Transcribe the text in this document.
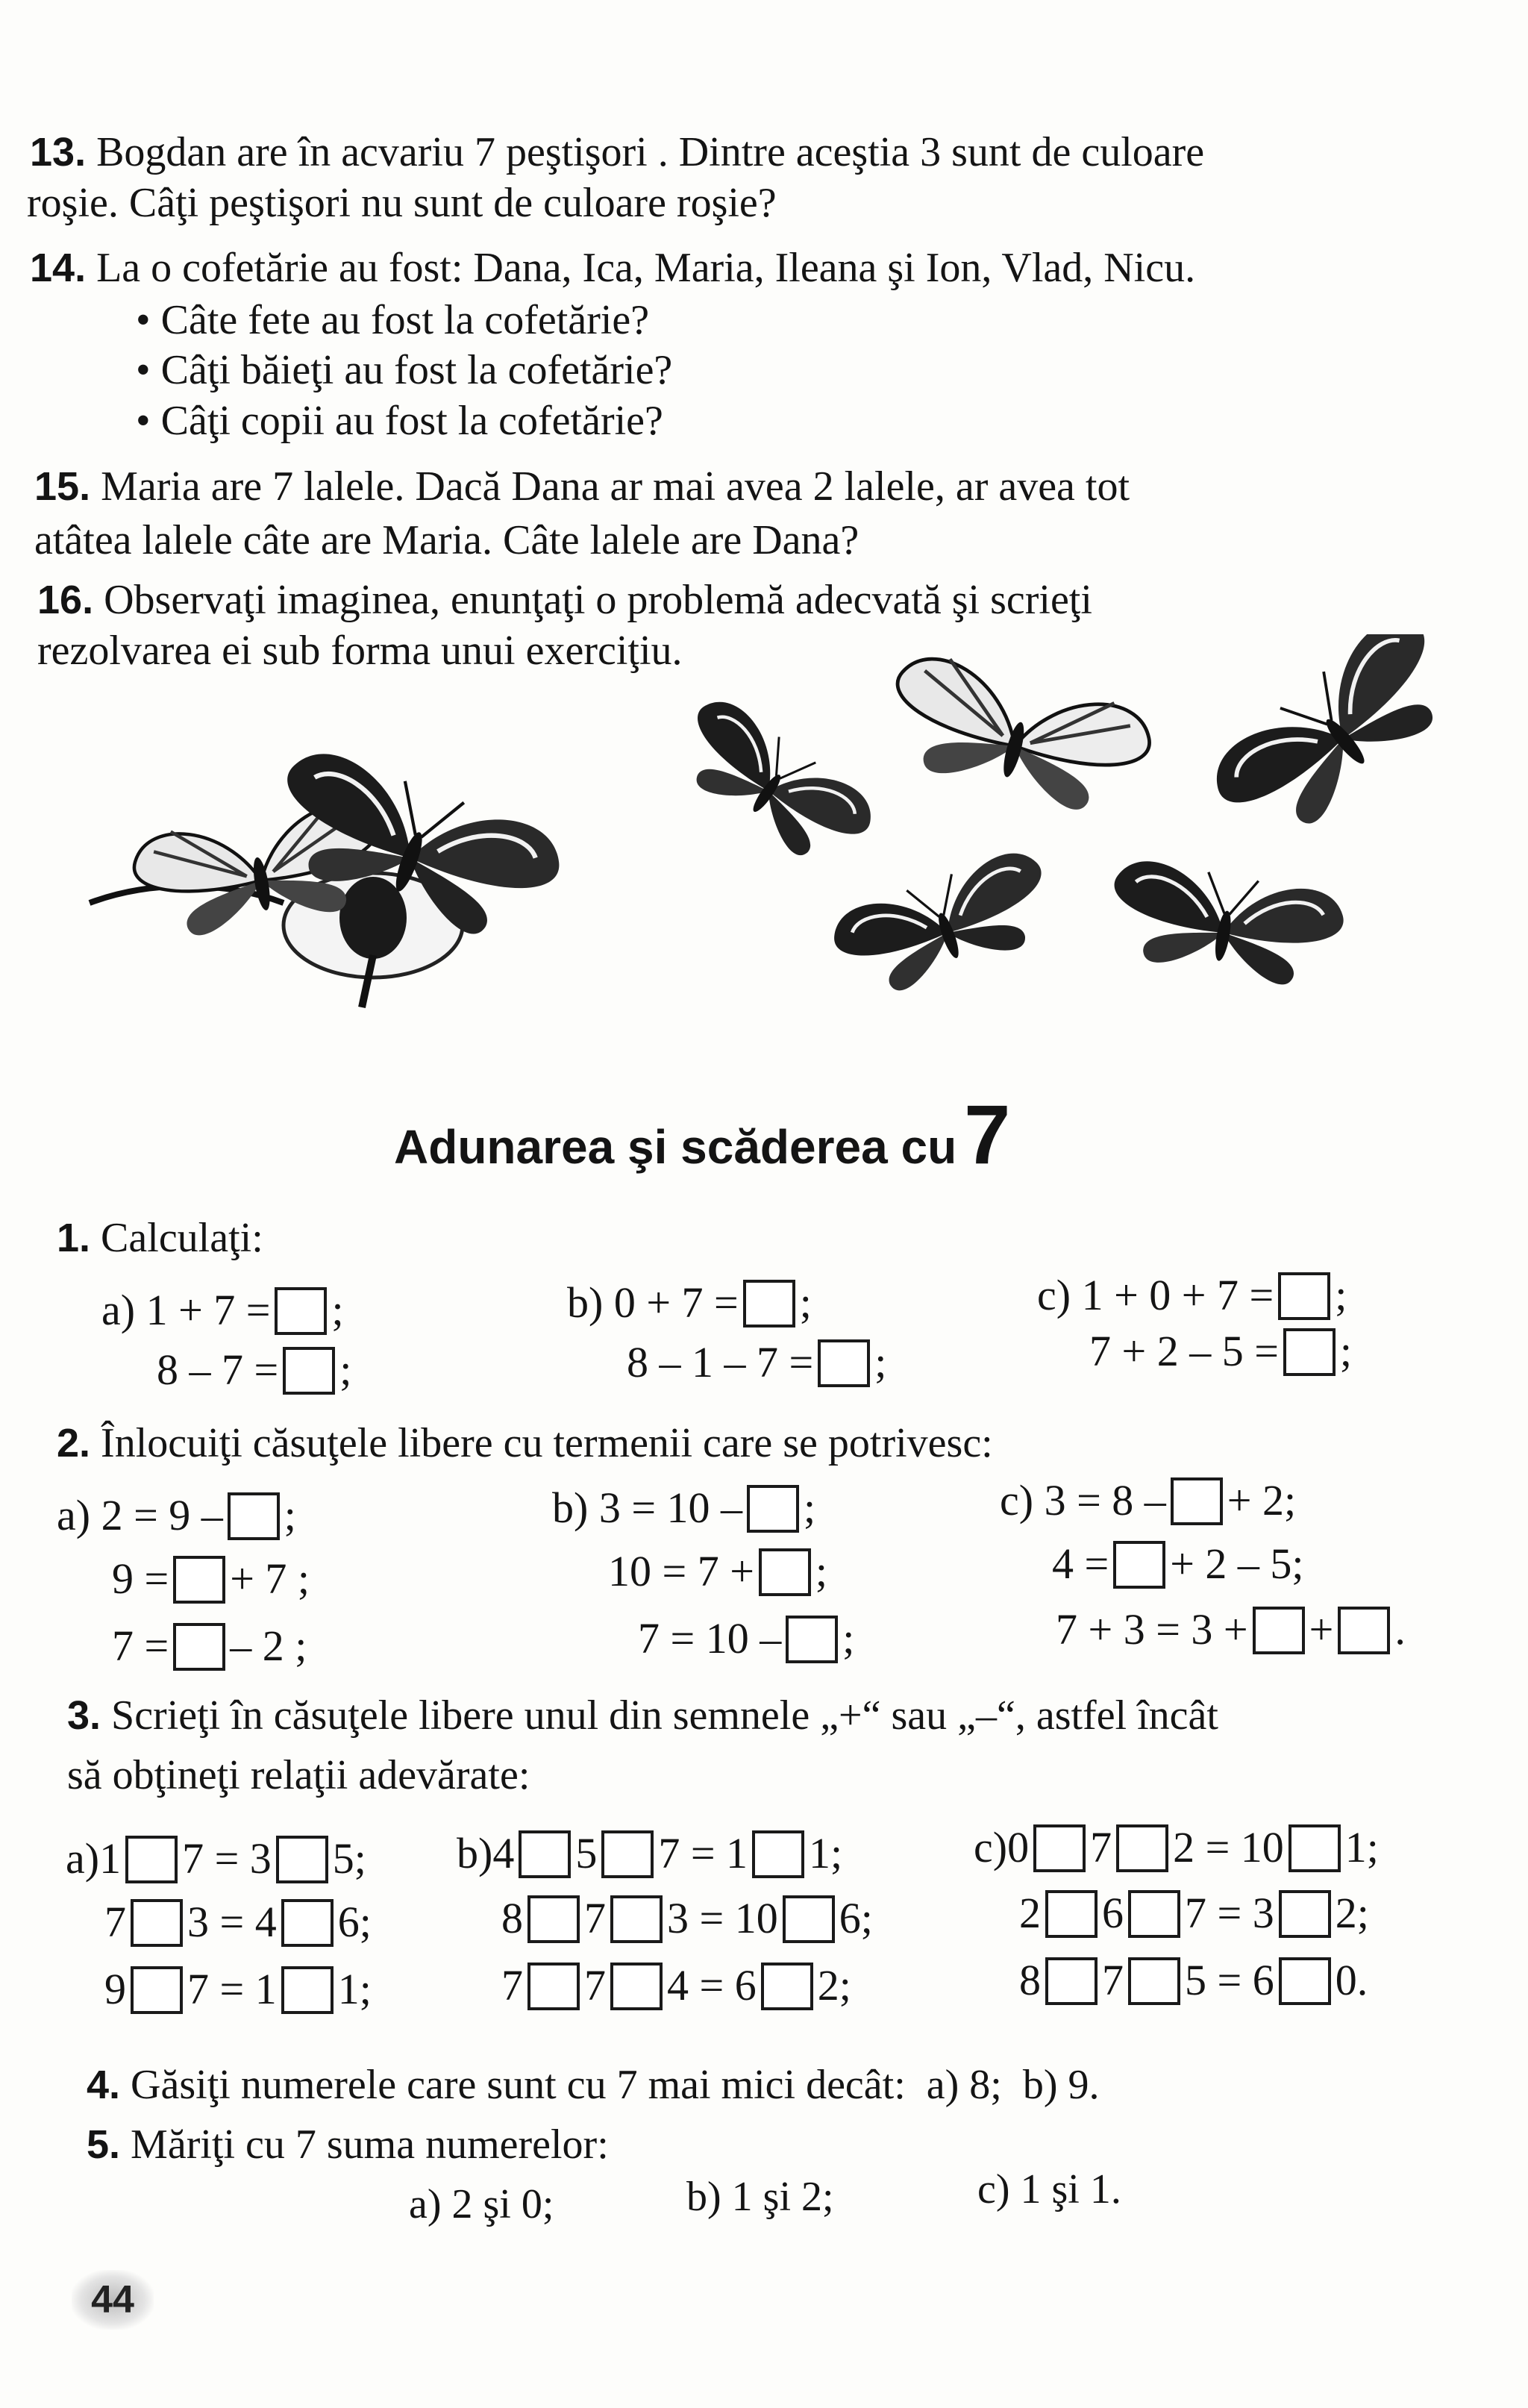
13. Bogdan are în acvariu 7 peştişori . Dintre aceştia 3 sunt de culoare
roşie. Câţi peştişori nu sunt de culoare roşie?
14. La o cofetărie au fost: Dana, Ica, Maria, Ileana şi Ion, Vlad, Nicu.
• Câte fete au fost la cofetărie?
• Câţi băieţi au fost la cofetărie?
• Câţi copii au fost la cofetărie?
15. Maria are 7 lalele. Dacă Dana ar mai avea 2 lalele, ar avea tot
atâtea lalele câte are Maria. Câte lalele are Dana?
16. Observaţi imaginea, enunţaţi o problemă adecvată şi scrieţi
rezolvarea ei sub forma unui exerciţiu.
Adunarea şi scăderea cu7
1. Calculaţi:
a) 1 + 7 = ;
8 – 7 = ;
b) 0 + 7 = ;
8 – 1 – 7 = ;
c) 1 + 0 + 7 = ;
7 + 2 – 5 = ;
2. Înlocuiţi căsuţele libere cu termenii care se potrivesc:
a) 2 = 9 – ;
9 = + 7 ;
7 = – 2 ;
b) 3 = 10 – ;
10 = 7 + ;
7 = 10 – ;
c) 3 = 8 – + 2;
4 = + 2 – 5;
7 + 3 = 3 + + .
3. Scrieţi în căsuţele libere unul din semnele „+“ sau „–“, astfel încât
să obţineţi relaţii adevărate:
a)1 7 = 3 5; b)4 5 7 = 1 1;	c)0 7 2 = 10 1;
7 3 = 4 6;	8 7 3 = 10 6;	2 6 7 = 3 2;
9 7 = 1 1;	7 7 4 = 6 2;	8 7 5 = 6 0.
4. Găsiţi numerele care sunt cu 7 mai mici decât: a) 8; b) 9.
5. Măriţi cu 7 suma numerelor:
a) 2 şi 0;	b) 1 şi 2;	c) 1 şi 1.
44
